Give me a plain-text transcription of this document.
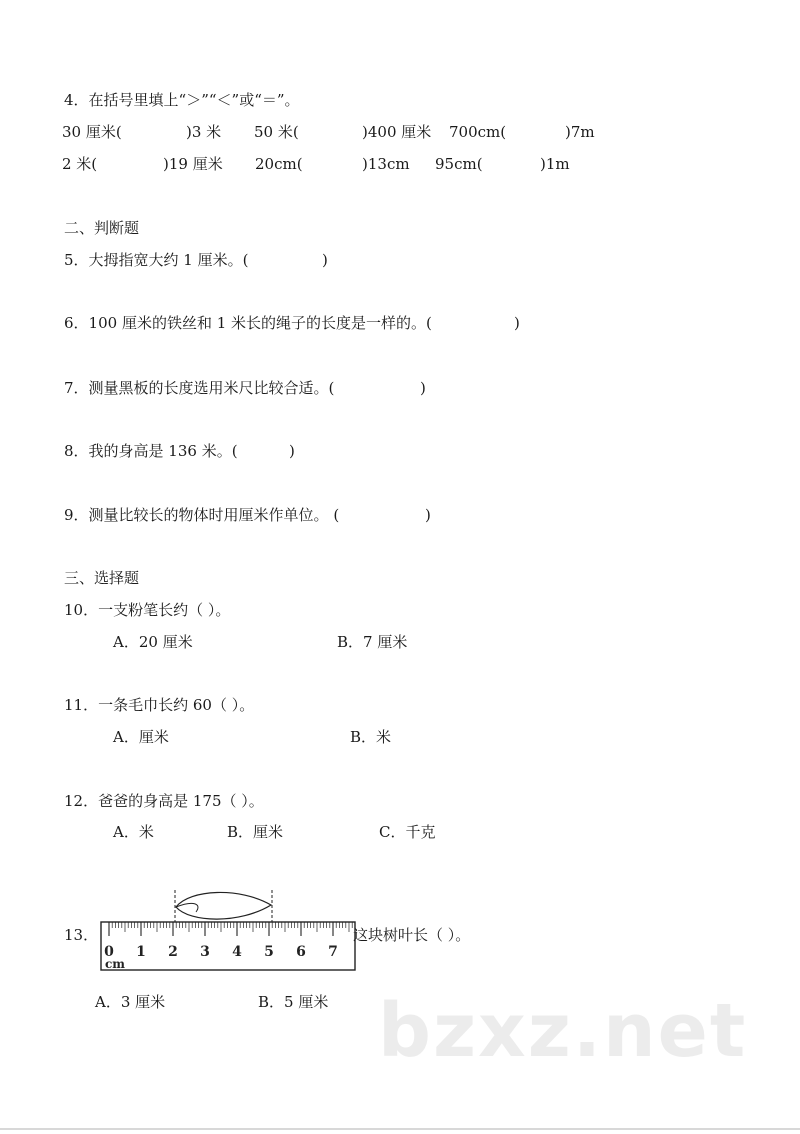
4．在括号里填上“＞”“＜”或“＝”。
30 厘米(	)3 米 50 米(	)400 厘米 700cm(	)7m
2 米(	)19 厘米 20cm(	)13cm 95cm(	)1m
二、判断题
5．大拇指宽大约 1 厘米。(	)
6．100 厘米的铁丝和 1 米长的绳子的长度是一样的。(	)
7．测量黑板的长度选用米尺比较合适。(	)
8．我的身高是 136 米。(	)
9．测量比较长的物体时用厘米作单位。 (	)
三、选择题
10．一支粉笔长约（ ）。
A．20 厘米	B．7 厘米
11．一条毛巾长约 60（ ）。
A．厘米	B．米
12．爸爸的身高是 175（ ）。
A．米	B．厘米	C．千克
13．
0 1 2 3 4 5 6 7
cm
这块树叶长（ ）。
A．3 厘米	B．5 厘米 bzxz.net
